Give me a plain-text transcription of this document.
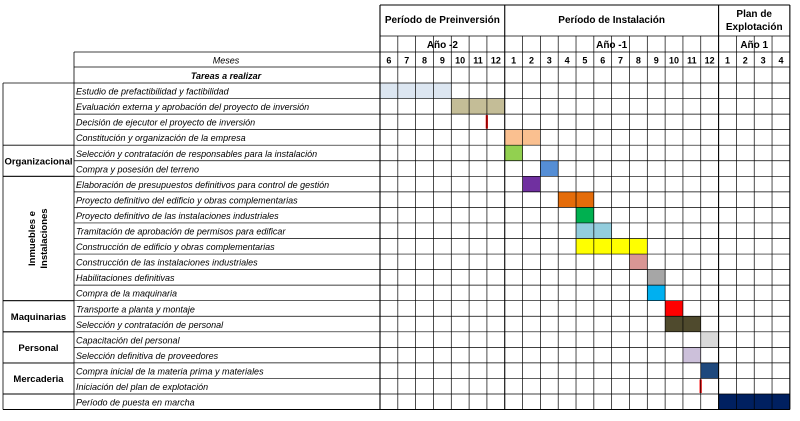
Período de Preinversión
Año -2
Período de Instalación
Año -1
Plan de
Explotación
Año 1
6 7 8 9 10 11 12 1 2 3 4 5 6 7 8 9 10 11 12 1 2 3 4
Meses
Tareas a realizar
Estudio de prefactibilidad y factibilidad
Evaluación externa y aprobación del proyecto de inversión
Decisión de ejecutor el proyecto de inversión
Constitución y organización de la empresa
Selección y contratación de responsables para la instalación
Compra y posesión del terreno
Elaboración de presupuestos definitivos para control de gestión
Proyecto definitivo del edificio y obras complementarias
Proyecto definitivo de las instalaciones industriales
Tramitación de aprobación de permisos para edificar
Construcción de edificio y obras complementarias
Construcción de las instalaciones industriales
Habilitaciones definitivas
Compra de la maquinaria
Transporte a planta y montaje
Selección y contratación de personal
Capacitación del personal
Selección definitiva de proveedores
Compra inicial de la materia prima y materiales
Iniciación del plan de explotación
Período de puesta en marcha
Organizacional
Inmuebles e Instalaciones
Maquinarias
Personal
Mercaderia
